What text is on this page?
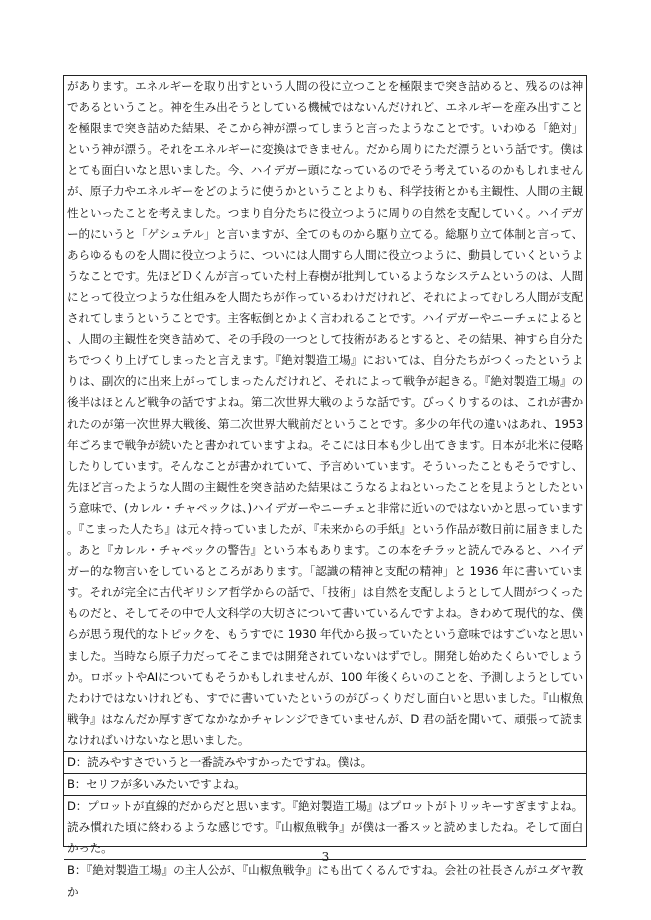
があります。エネルギーを取り出すという人間の役に立つことを極限まで突き詰めると、残るのは神であるということ。神を生み出そうとしている機械ではないんだけれど、エネルギーを産み出すことを極限まで突き詰めた結果、そこから神が漂ってしまうと言ったようなことです。いわゆる「絶対」という神が漂う。それをエネルギーに変換はできません。だから周りにただ漂うという話です。僕はとても面白いなと思いました。今、ハイデガー頭になっているのでそう考えているのかもしれませんが、原子力やエネルギーをどのように使うかということよりも、科学技術とかも主観性、人間の主観性といったことを考えました。つまり自分たちに役立つように周りの自然を支配していく。ハイデガー的にいうと「ゲシュテル」と言いますが、全てのものから駆り立てる。総駆り立て体制と言って、あらゆるものを人間に役立つように、ついには人間すら人間に役立つように、動員していくというようなことです。先ほどＤくんが言っていた村上春樹が批判しているようなシステムというのは、人間にとって役立つような仕組みを人間たちが作っているわけだけれど、それによってむしろ人間が支配されてしまうということです。主客転倒とかよく言われることです。ハイデガーやニーチェによると、人間の主観性を突き詰めて、その手段の一つとして技術があるとすると、その結果、神すら自分たちでつくり上げてしまったと言えます。『絶対製造工場』においては、自分たちがつくったというよりは、副次的に出来上がってしまったんだけれど、それによって戦争が起きる。『絶対製造工場』の後半はほとんど戦争の話ですよね。第二次世界大戦のような話です。びっくりするのは、これが書かれたのが第一次世界大戦後、第二次世界大戦前だということです。多少の年代の違いはあれ、1953 年ごろまで戦争が続いたと書かれていますよね。そこには日本も少し出てきます。日本が北米に侵略したりしています。そんなことが書かれていて、予言めいています。そういったこともそうですし、先ほど言ったような人間の主観性を突き詰めた結果はこうなるよねといったことを見ようとしたという意味で、(カレル・チャペックは、)ハイデガーやニーチェと非常に近いのではないかと思っています。『こまった人たち』は元々持っていましたが、『未来からの手紙』という作品が数日前に届きました。あと『カレル・チャペックの警告』という本もあります。この本をチラッと読んでみると、ハイデガー的な物言いをしているところがあります。「認識の精神と支配の精神」と 1936 年に書いています。それが完全に古代ギリシア哲学からの話で、「技術」は自然を支配しようとして人間がつくったものだと、そしてその中で人文科学の大切さについて書いているんですよね。きわめて現代的な、僕らが思う現代的なトピックを、もうすでに 1930 年代から扱っていたという意味ではすごいなと思いました。当時なら原子力だってそこまでは開発されていないはずでし。開発し始めたくらいでしょうか。ロボットやAIについてもそうかもしれませんが、100 年後くらいのことを、予測しようとしていたわけではないけれども、すでに書いていたというのがびっくりだし面白いと思いました。『山椒魚戦争』はなんだか厚すぎてなかなかチャレンジできていませんが、D 君の話を聞いて、頑張って読まなければいけないなと思いました。

D：読みやすさでいうと一番読みやすかったですね。僕は。

B：セリフが多いみたいですよね。

D：プロットが直線的だからだと思います。『絶対製造工場』はプロットがトリッキーすぎますよね。読み慣れた頃に終わるような感じです。『山椒魚戦争』が僕は一番スッと読めましたね。そして面白かった。

B：『絶対製造工場』の主人公が、『山椒魚戦争』にも出てくるんですね。会社の社長さんがユダヤ教か

3
